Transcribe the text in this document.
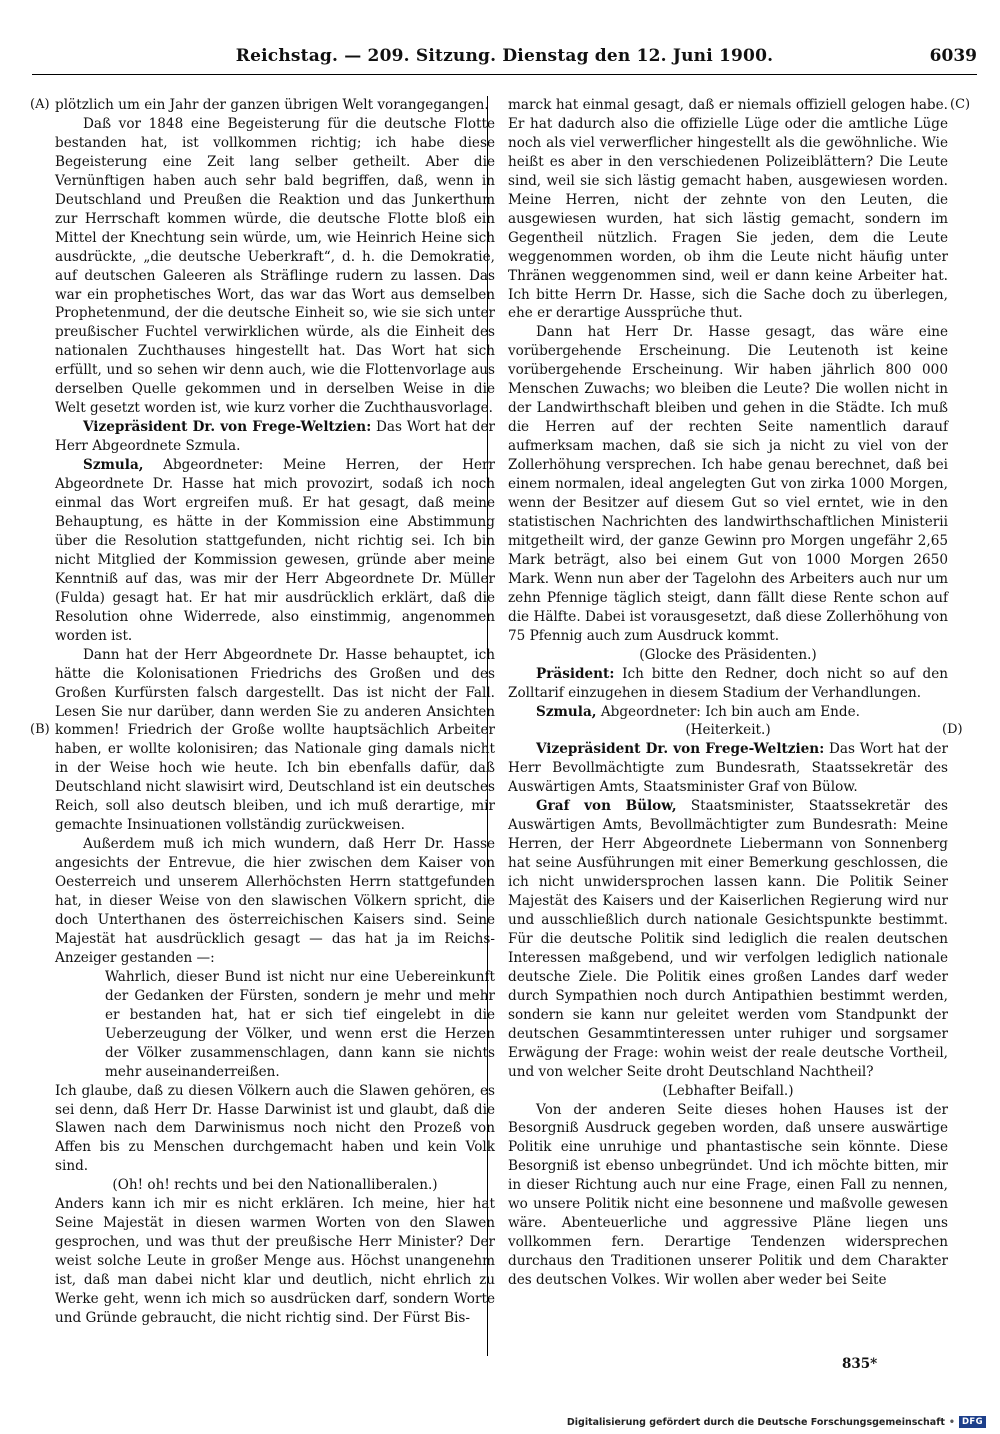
Reichstag. — 209. Sitzung. Dienstag den 12. Juni 1900.	6039
(A)
(B)
(C)
(D)

plötzlich um ein Jahr der ganzen übrigen Welt vorangegangen.

Daß vor 1848 eine Begeisterung für die deutsche Flotte bestanden hat, ist vollkommen richtig; ich habe diese Begeisterung eine Zeit lang selber getheilt. Aber die Vernünftigen haben auch sehr bald begriffen, daß, wenn in Deutschland und Preußen die Reaktion und das Junkerthum zur Herrschaft kommen würde, die deutsche Flotte bloß ein Mittel der Knechtung sein würde, um, wie Heinrich Heine sich ausdrückte, „die deutsche Ueberkraft“, d. h. die Demokratie, auf deutschen Galeeren als Sträflinge rudern zu lassen. Das war ein prophetisches Wort, das war das Wort aus demselben Prophetenmund, der die deutsche Einheit so, wie sie sich unter preußischer Fuchtel verwirklichen würde, als die Einheit des nationalen Zuchthauses hingestellt hat. Das Wort hat sich erfüllt, und so sehen wir denn auch, wie die Flottenvorlage aus derselben Quelle gekommen und in derselben Weise in die Welt gesetzt worden ist, wie kurz vorher die Zuchthausvorlage.

Vizepräsident Dr. von Frege-Weltzien: Das Wort hat der Herr Abgeordnete Szmula.

Szmula, Abgeordneter: Meine Herren, der Herr Abgeordnete Dr. Hasse hat mich provozirt, sodaß ich noch einmal das Wort ergreifen muß. Er hat gesagt, daß meine Behauptung, es hätte in der Kommission eine Abstimmung über die Resolution stattgefunden, nicht richtig sei. Ich bin nicht Mitglied der Kommission gewesen, gründe aber meine Kenntniß auf das, was mir der Herr Abgeordnete Dr. Müller (Fulda) gesagt hat. Er hat mir ausdrücklich erklärt, daß die Resolution ohne Widerrede, also einstimmig, angenommen worden ist.

Dann hat der Herr Abgeordnete Dr. Hasse behauptet, ich hätte die Kolonisationen Friedrichs des Großen und des Großen Kurfürsten falsch dargestellt. Das ist nicht der Fall. Lesen Sie nur darüber, dann werden Sie zu anderen Ansichten kommen! Friedrich der Große wollte hauptsächlich Arbeiter haben, er wollte kolonisiren; das Nationale ging damals nicht in der Weise hoch wie heute. Ich bin ebenfalls dafür, daß Deutschland nicht slawisirt wird, Deutschland ist ein deutsches Reich, soll also deutsch bleiben, und ich muß derartige, mir gemachte Insinuationen vollständig zurückweisen.

Außerdem muß ich mich wundern, daß Herr Dr. Hasse angesichts der Entrevue, die hier zwischen dem Kaiser von Oesterreich und unserem Allerhöchsten Herrn stattgefunden hat, in dieser Weise von den slawischen Völkern spricht, die doch Unterthanen des österreichischen Kaisers sind. Seine Majestät hat ausdrücklich gesagt — das hat ja im Reichs-Anzeiger gestanden —:

Wahrlich, dieser Bund ist nicht nur eine Uebereinkunft der Gedanken der Fürsten, sondern je mehr und mehr er bestanden hat, hat er sich tief eingelebt in die Ueberzeugung der Völker, und wenn erst die Herzen der Völker zusammenschlagen, dann kann sie nichts mehr auseinanderreißen.

Ich glaube, daß zu diesen Völkern auch die Slawen gehören, es sei denn, daß Herr Dr. Hasse Darwinist ist und glaubt, daß die Slawen nach dem Darwinismus noch nicht den Prozeß von Affen bis zu Menschen durchgemacht haben und kein Volk sind.

(Oh! oh! rechts und bei den Nationalliberalen.)

Anders kann ich mir es nicht erklären. Ich meine, hier hat Seine Majestät in diesen warmen Worten von den Slawen gesprochen, und was thut der preußische Herr Minister? Der weist solche Leute in großer Menge aus. Höchst unangenehm ist, daß man dabei nicht klar und deutlich, nicht ehrlich zu Werke geht, wenn ich mich so ausdrücken darf, sondern Worte und Gründe gebraucht, die nicht richtig sind. Der Fürst Bis-

marck hat einmal gesagt, daß er niemals offiziell gelogen habe. Er hat dadurch also die offizielle Lüge oder die amtliche Lüge noch als viel verwerflicher hingestellt als die gewöhnliche. Wie heißt es aber in den verschiedenen Polizeiblättern? Die Leute sind, weil sie sich lästig gemacht haben, ausgewiesen worden. Meine Herren, nicht der zehnte von den Leuten, die ausgewiesen wurden, hat sich lästig gemacht, sondern im Gegentheil nützlich. Fragen Sie jeden, dem die Leute weggenommen worden, ob ihm die Leute nicht häufig unter Thränen weggenommen sind, weil er dann keine Arbeiter hat. Ich bitte Herrn Dr. Hasse, sich die Sache doch zu überlegen, ehe er derartige Aussprüche thut.

Dann hat Herr Dr. Hasse gesagt, das wäre eine vorübergehende Erscheinung. Die Leutenoth ist keine vorübergehende Erscheinung. Wir haben jährlich 800 000 Menschen Zuwachs; wo bleiben die Leute? Die wollen nicht in der Landwirthschaft bleiben und gehen in die Städte. Ich muß die Herren auf der rechten Seite namentlich darauf aufmerksam machen, daß sie sich ja nicht zu viel von der Zollerhöhung versprechen. Ich habe genau berechnet, daß bei einem normalen, ideal angelegten Gut von zirka 1000 Morgen, wenn der Besitzer auf diesem Gut so viel erntet, wie in den statistischen Nachrichten des landwirthschaftlichen Ministerii mitgetheilt wird, der ganze Gewinn pro Morgen ungefähr 2,65 Mark beträgt, also bei einem Gut von 1000 Morgen 2650 Mark. Wenn nun aber der Tagelohn des Arbeiters auch nur um zehn Pfennige täglich steigt, dann fällt diese Rente schon auf die Hälfte. Dabei ist vorausgesetzt, daß diese Zollerhöhung von 75 Pfennig auch zum Ausdruck kommt.

(Glocke des Präsidenten.)

Präsident: Ich bitte den Redner, doch nicht so auf den Zolltarif einzugehen in diesem Stadium der Verhandlungen.

Szmula, Abgeordneter: Ich bin auch am Ende.

(Heiterkeit.)

Vizepräsident Dr. von Frege-Weltzien: Das Wort hat der Herr Bevollmächtigte zum Bundesrath, Staatssekretär des Auswärtigen Amts, Staatsminister Graf von Bülow.

Graf von Bülow, Staatsminister, Staatssekretär des Auswärtigen Amts, Bevollmächtigter zum Bundesrath: Meine Herren, der Herr Abgeordnete Liebermann von Sonnenberg hat seine Ausführungen mit einer Bemerkung geschlossen, die ich nicht unwidersprochen lassen kann. Die Politik Seiner Majestät des Kaisers und der Kaiserlichen Regierung wird nur und ausschließlich durch nationale Gesichtspunkte bestimmt. Für die deutsche Politik sind lediglich die realen deutschen Interessen maßgebend, und wir verfolgen lediglich nationale deutsche Ziele. Die Politik eines großen Landes darf weder durch Sympathien noch durch Antipathien bestimmt werden, sondern sie kann nur geleitet werden vom Standpunkt der deutschen Gesammtinteressen unter ruhiger und sorgsamer Erwägung der Frage: wohin weist der reale deutsche Vortheil, und von welcher Seite droht Deutschland Nachtheil?

(Lebhafter Beifall.)

Von der anderen Seite dieses hohen Hauses ist der Besorgniß Ausdruck gegeben worden, daß unsere auswärtige Politik eine unruhige und phantastische sein könnte. Diese Besorgniß ist ebenso unbegründet. Und ich möchte bitten, mir in dieser Richtung auch nur eine Frage, einen Fall zu nennen, wo unsere Politik nicht eine besonnene und maßvolle gewesen wäre. Abenteuerliche und aggressive Pläne liegen uns vollkommen fern. Derartige Tendenzen widersprechen durchaus den Traditionen unserer Politik und dem Charakter des deutschen Volkes. Wir wollen aber weder bei Seite

835*
Digitalisierung gefördert durch die Deutsche Forschungsgemeinschaft • DFG
